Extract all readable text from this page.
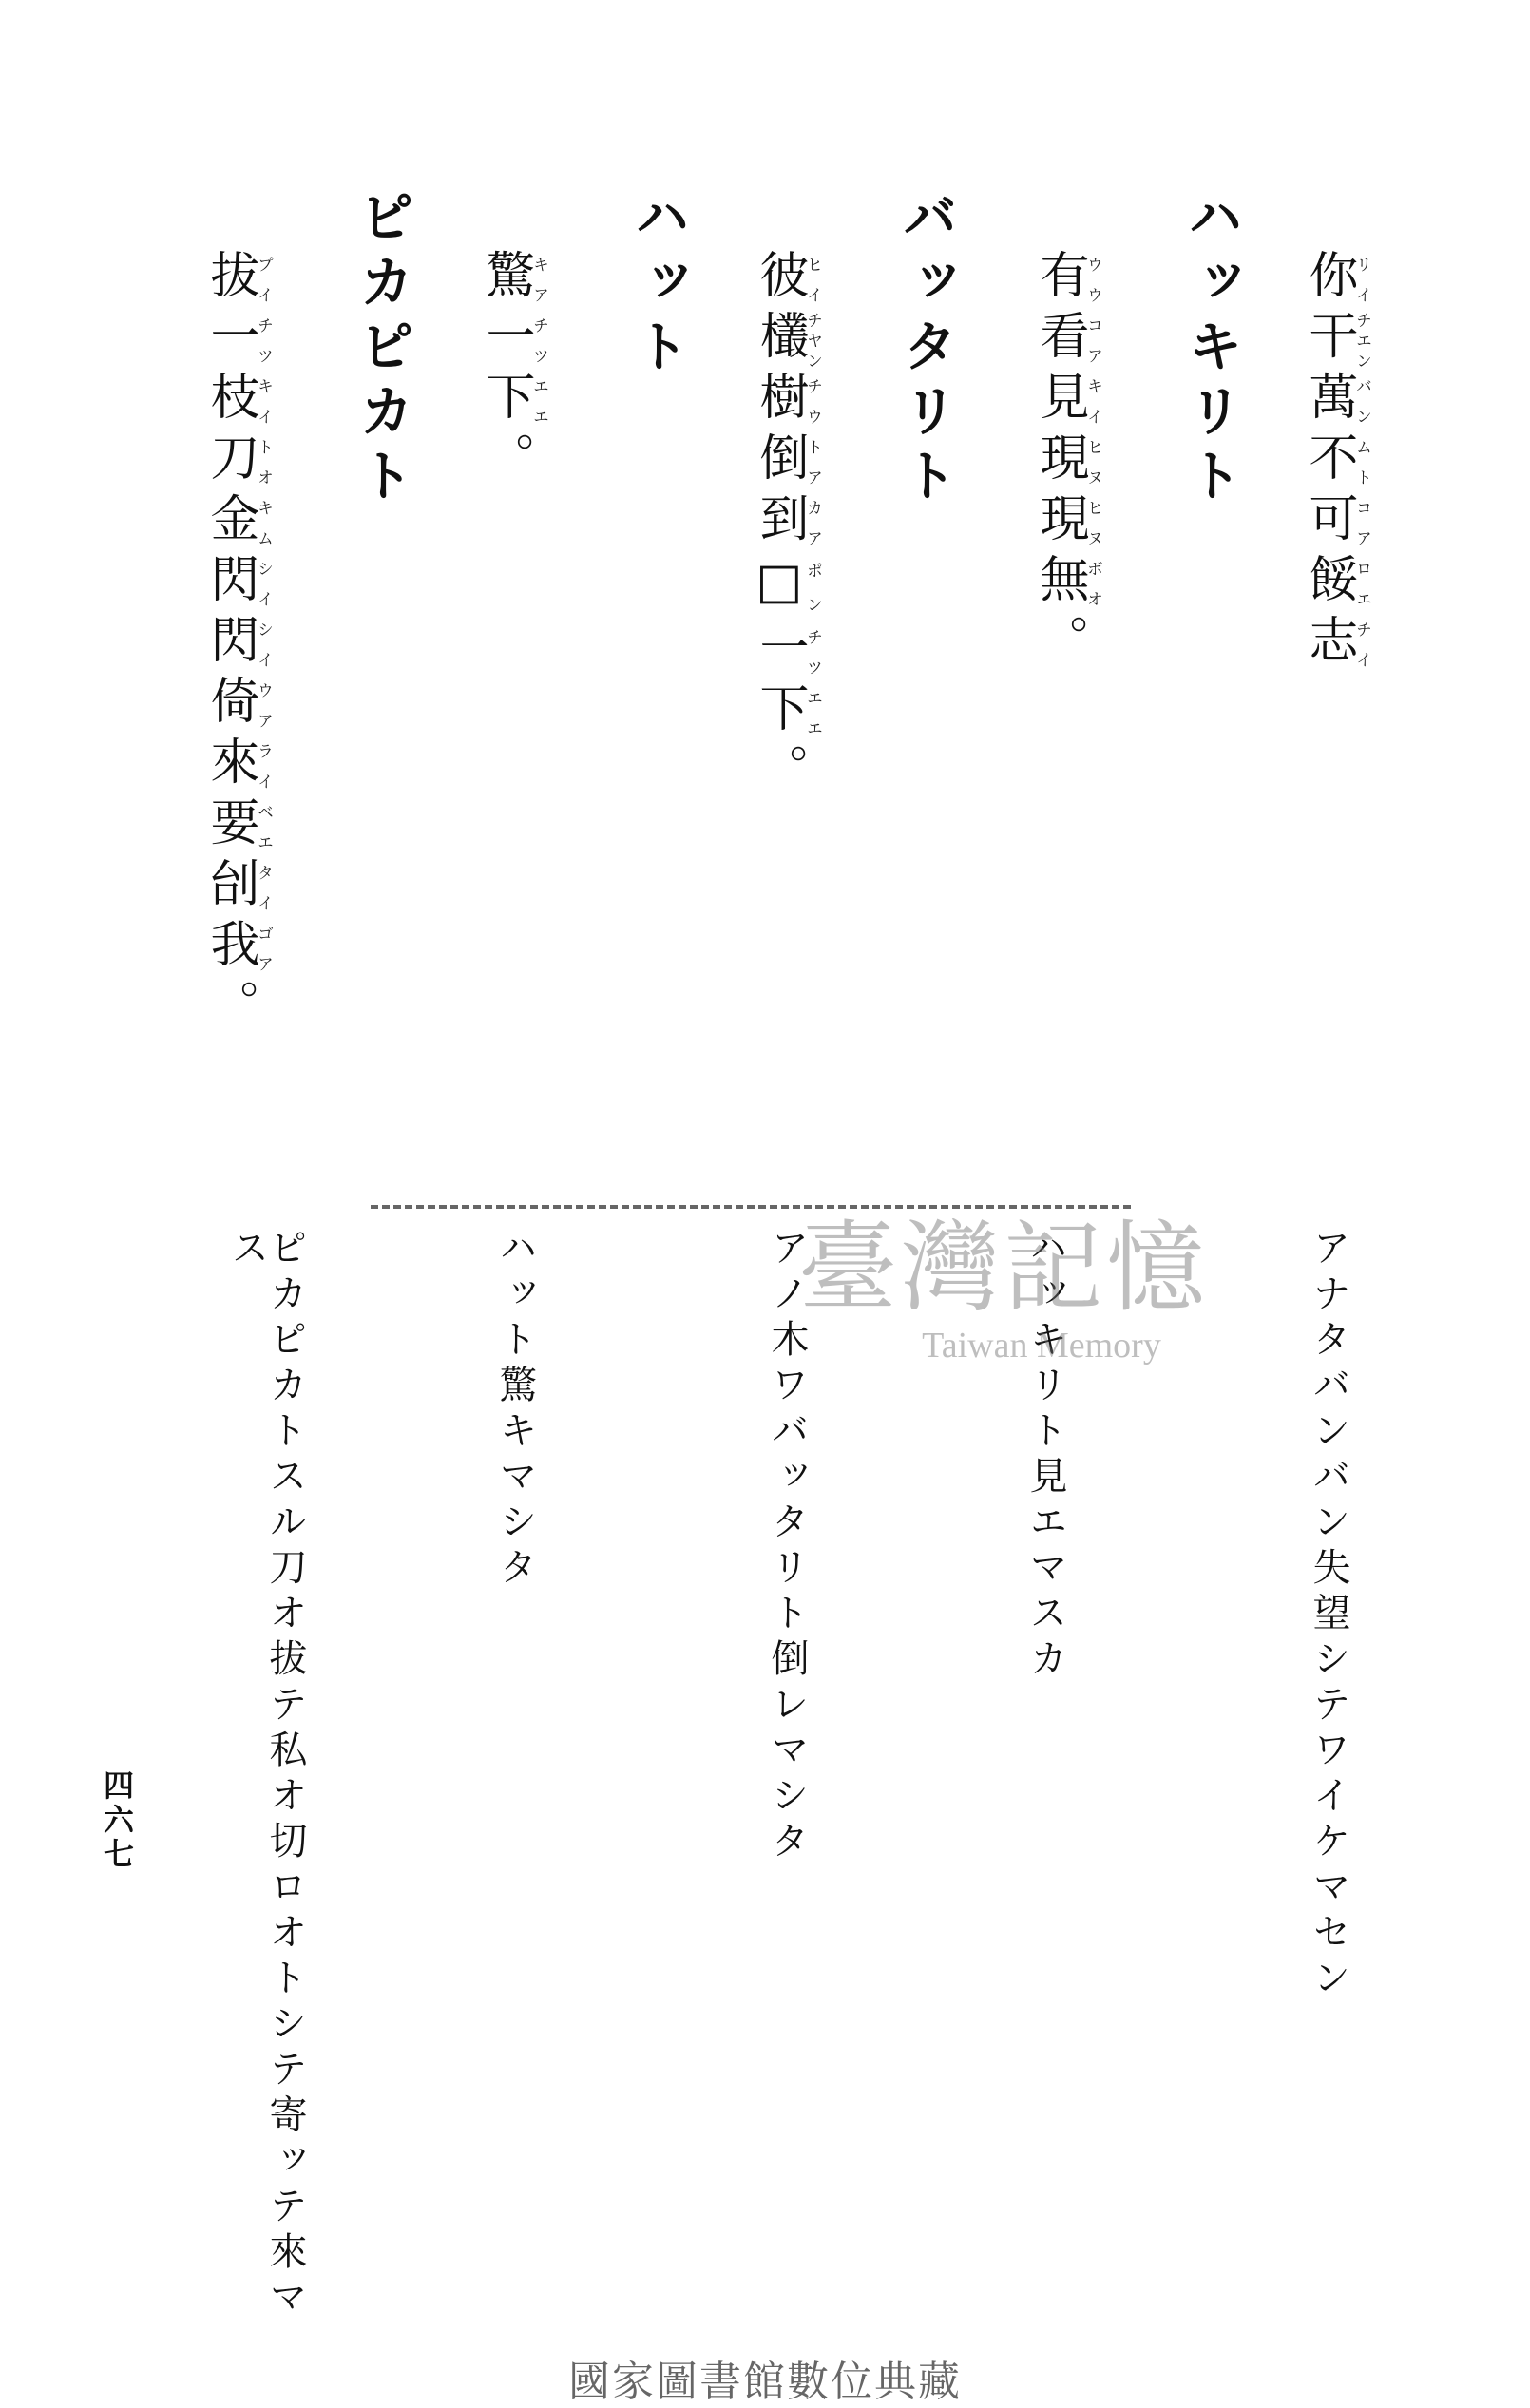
你リイ干チエン萬バン不ムト可コア餒ロエ志チイ
ハッキリト
有ウウ看コア見キイ現ヒヌ現ヒヌ無ボオ。
バッタリト
彼ヒイ欉チヤン樹チウ倒トア到カア□ポン一チツ下エエ。
ハット
驚キア一チツ下エエ。
ピカピカト
拔プイ一チツ枝キイ刀トオ金キム閃シイ閃シイ倚ウア來ライ要ベエ刣タイ我ゴア。
アナタバンバン失望シテワイケマセン
ハッキリト見エマスカ
アノ木ワバッタリト倒レマシタ
ハット驚キマシタ
ピカピカトスル刀オ拔テ私オ切ロオトシテ寄ッテ來マス
四六七
臺灣記憶
Taiwan Memory
國家圖書館數位典藏
